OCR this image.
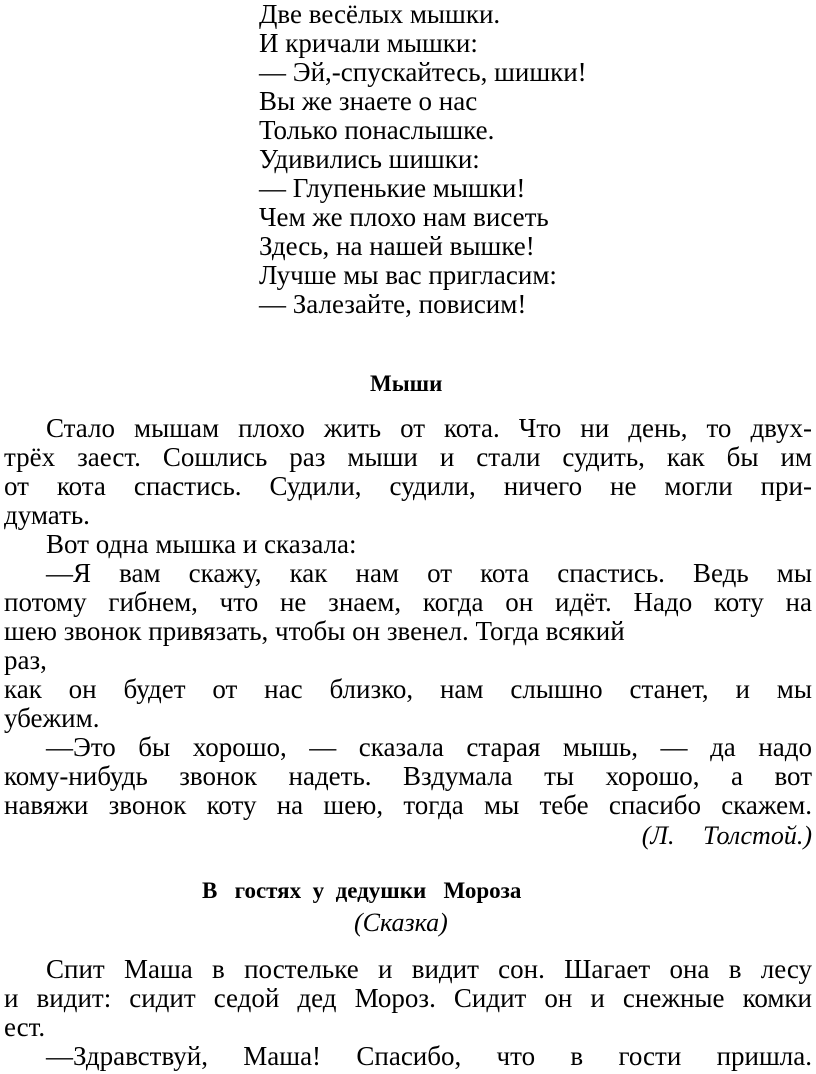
Две весёлых мышки.
И кричали мышки:
— Эй,-спускайтесь, шишки!
Вы же знаете о нас
Только понаслышке.
Удивились шишки:
— Глупенькие мышки!
Чем же плохо нам висеть
Здесь, на нашей вышке!
Лучше мы вас пригласим:
— Залезайте, повисим!
Мыши
Стало мышам плохо жить от кота. Что ни день, то двух-
трёх заест. Сошлись раз мыши и стали судить, как бы им
от кота спастись. Судили, судили, ничего не могли при-
думать.
Вот одна мышка и сказала:
—Я вам скажу, как нам от кота спастись. Ведь мы
потому гибнем, что не знаем, когда он идёт. Надо коту на
шею звонок привязать, чтобы он звенел. Тогда всякий
раз,
как он будет от нас близко, нам слышно станет, и мы
убежим.
—Это бы хорошо, — сказала старая мышь, — да надо
кому-нибудь звонок надеть. Вздумала ты хорошо, а вот
навяжи звонок коту на шею, тогда мы тебе спасибо скажем.
(Л. Толстой.)
В   гостях  у  дедушки   Мороза
(Сказка)
Спит Маша в постельке и видит сон. Шагает она в лесу
и видит: сидит седой дед Мороз. Сидит он и снежные комки
ест.
—Здравствуй, Маша! Спасибо, что в гости пришла.
